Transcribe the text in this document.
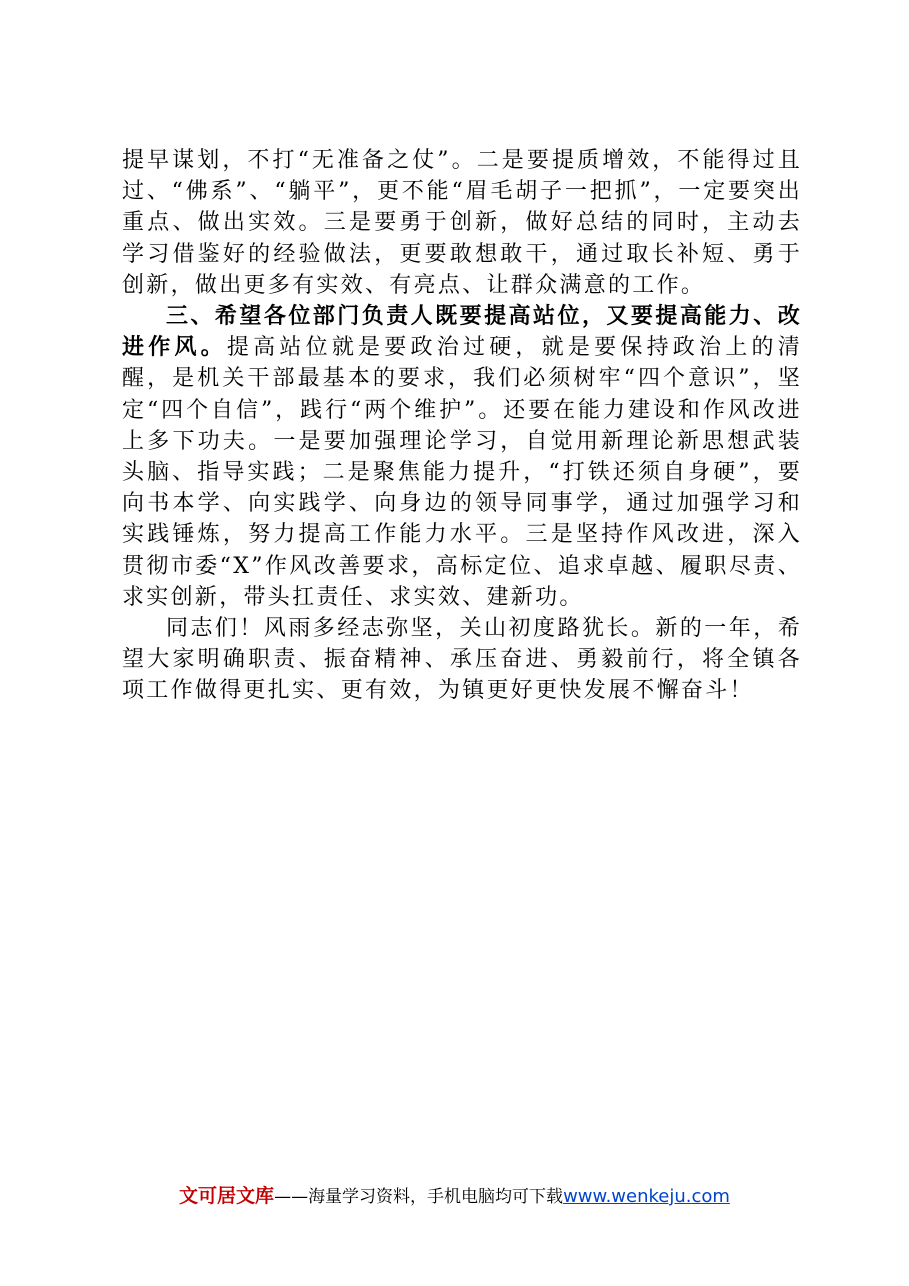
提早谋划，不打“无准备之仗”。二是要提质增效，不能得过且过、“佛系”、“躺平”，更不能“眉毛胡子一把抓”，一定要突出重点、做出实效。三是要勇于创新，做好总结的同时，主动去学习借鉴好的经验做法，更要敢想敢干，通过取长补短、勇于创新，做出更多有实效、有亮点、让群众满意的工作。

三、希望各位部门负责人既要提高站位，又要提高能力、改进作风。提高站位就是要政治过硬，就是要保持政治上的清醒，是机关干部最基本的要求，我们必须树牢“四个意识”，坚定“四个自信”，践行“两个维护”。还要在能力建设和作风改进上多下功夫。一是要加强理论学习，自觉用新理论新思想武装头脑、指导实践；二是聚焦能力提升，“打铁还须自身硬”，要向书本学、向实践学、向身边的领导同事学，通过加强学习和实践锤炼，努力提高工作能力水平。三是坚持作风改进，深入贯彻市委“X”作风改善要求，高标定位、追求卓越、履职尽责、求实创新，带头扛责任、求实效、建新功。

同志们！风雨多经志弥坚，关山初度路犹长。新的一年，希望大家明确职责、振奋精神、承压奋进、勇毅前行，将全镇各项工作做得更扎实、更有效，为镇更好更快发展不懈奋斗！

文可居文库——海量学习资料，手机电脑均可下载www.wenkeju.com
